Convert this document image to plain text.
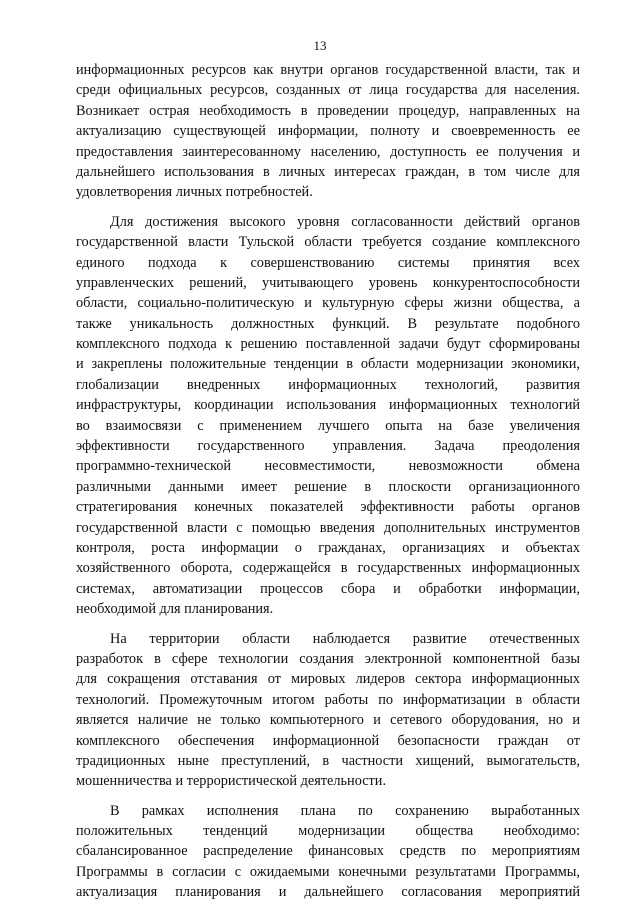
13
информационных ресурсов как внутри органов государственной власти, так и
среди официальных ресурсов, созданных от лица государства для населения.
Возникает острая необходимость в проведении процедур, направленных на
актуализацию существующей информации, полноту и своевременность ее
предоставления заинтересованному населению, доступность ее получения и
дальнейшего использования в личных интересах граждан, в том числе для
удовлетворения личных потребностей.
Для достижения высокого уровня согласованности действий органов
государственной власти Тульской области требуется создание комплексного
единого подхода к совершенствованию системы принятия всех
управленческих решений, учитывающего уровень конкурентоспособности
области, социально-политическую и культурную сферы жизни общества, а
также уникальность должностных функций. В результате подобного
комплексного подхода к решению поставленной задачи будут сформированы
и закреплены положительные тенденции в области модернизации экономики,
глобализации внедренных информационных технологий, развития
инфраструктуры, координации использования информационных технологий
во взаимосвязи с применением лучшего опыта на базе увеличения
эффективности государственного управления. Задача преодоления
программно-технической несовместимости, невозможности обмена
различными данными имеет решение в плоскости организационного
стратегирования конечных показателей эффективности работы органов
государственной власти с помощью введения дополнительных инструментов
контроля, роста информации о гражданах, организациях и объектах
хозяйственного оборота, содержащейся в государственных информационных
системах, автоматизации процессов сбора и обработки информации,
необходимой для планирования.
На территории области наблюдается развитие отечественных
разработок в сфере технологии создания электронной компонентной базы
для сокращения отставания от мировых лидеров сектора информационных
технологий. Промежуточным итогом работы по информатизации в области
является наличие не только компьютерного и сетевого оборудования, но и
комплексного обеспечения информационной безопасности граждан от
традиционных ныне преступлений, в частности хищений, вымогательств,
мошенничества и террористической деятельности.
В рамках исполнения плана по сохранению выработанных
положительных тенденций модернизации общества необходимо:
сбалансированное распределение финансовых средств по мероприятиям
Программы в согласии с ожидаемыми конечными результатами Программы,
актуализация планирования и дальнейшего согласования мероприятий
